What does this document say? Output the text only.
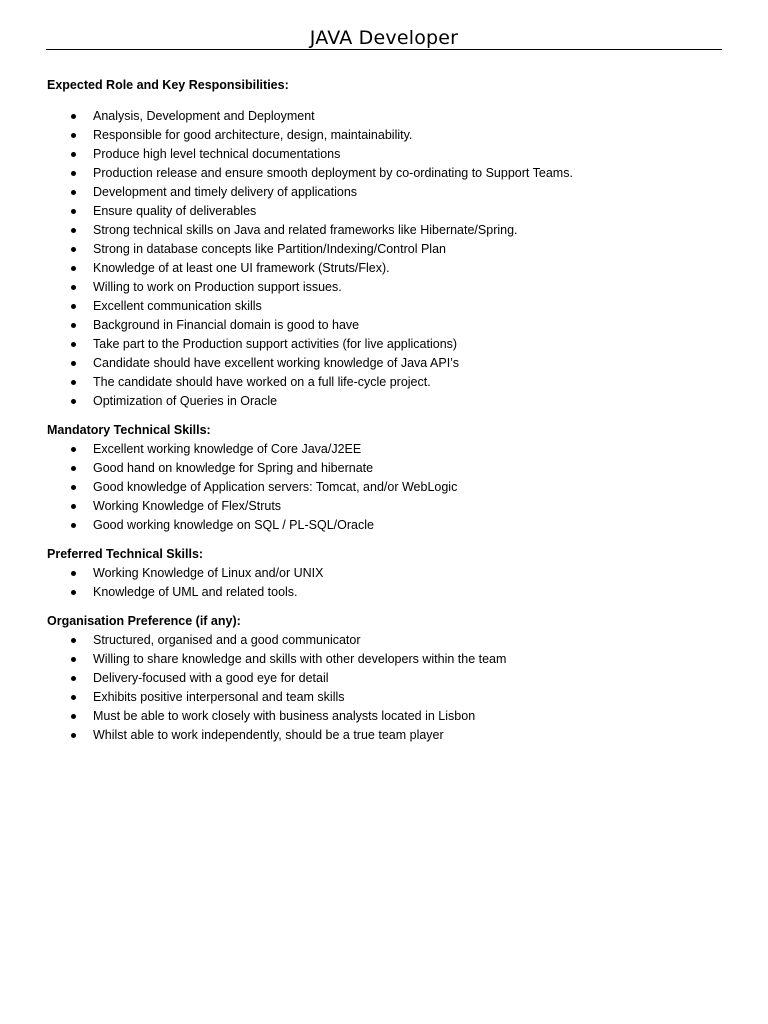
JAVA Developer

Expected Role and Key Responsibilities:

Analysis, Development and Deployment
Responsible for good architecture, design, maintainability.
Produce high level technical documentations
Production release and ensure smooth deployment by co-ordinating to Support Teams.
Development and timely delivery of applications
Ensure quality of deliverables
Strong technical skills on Java and related frameworks like Hibernate/Spring.
Strong in database concepts like Partition/Indexing/Control Plan
Knowledge of at least one UI framework (Struts/Flex).
Willing to work on Production support issues.
Excellent communication skills
Background in Financial domain is good to have
Take part to the Production support activities (for live applications)
Candidate should have excellent working knowledge of Java API’s
The candidate should have worked on a full life-cycle project.
Optimization of Queries in Oracle

Mandatory Technical Skills:

Excellent working knowledge of Core Java/J2EE
Good hand on knowledge for Spring and hibernate
Good knowledge of Application servers: Tomcat, and/or WebLogic
Working Knowledge of Flex/Struts
Good working knowledge on SQL / PL-SQL/Oracle

Preferred Technical Skills:

Working Knowledge of Linux and/or UNIX
Knowledge of UML and related tools.

Organisation Preference (if any):

Structured, organised and a good communicator
Willing to share knowledge and skills with other developers within the team
Delivery-focused with a good eye for detail
Exhibits positive interpersonal and team skills
Must be able to work closely with business analysts located in Lisbon
Whilst able to work independently, should be a true team player
